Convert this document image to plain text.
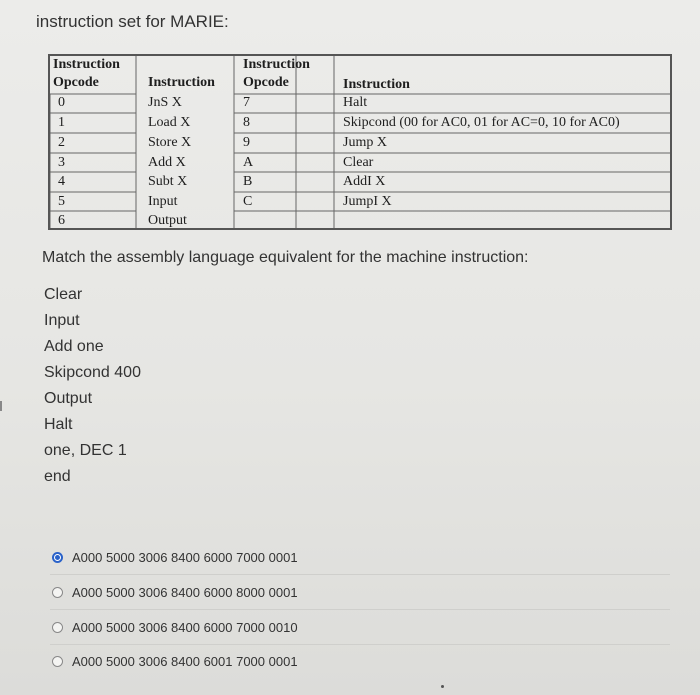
instruction set for MARIE:
Instruction
Opcode	Instruction
Instruction
Opcode	Instruction
0	JnS X	7	Halt
1	Load X	8	Skipcond (00 for AC0, 01 for AC=0, 10 for AC0)
2	Store X	9	Jump X
3	Add X	A	Clear
4	Subt X	B	AddI X
5	Input	C	JumpI X
6	Output
Match the assembly language equivalent for the machine instruction:
Clear
Input
Add one
Skipcond 400
Output
Halt
one, DEC 1
end
A000 5000 3006 8400 6000 7000 0001
A000 5000 3006 8400 6000 8000 0001
A000 5000 3006 8400 6000 7000 0010
A000 5000 3006 8400 6001 7000 0001
